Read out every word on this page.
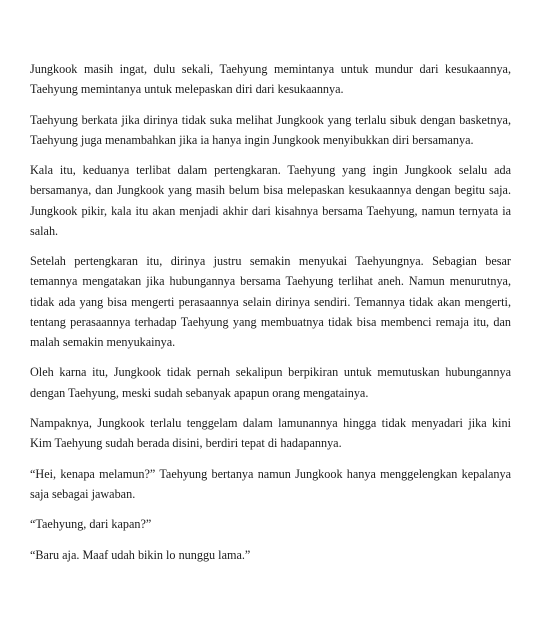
Jungkook masih ingat, dulu sekali, Taehyung memintanya untuk mundur dari kesukaannya, Taehyung memintanya untuk melepaskan diri dari kesukaannya.

Taehyung berkata jika dirinya tidak suka melihat Jungkook yang terlalu sibuk dengan basketnya, Taehyung juga menambahkan jika ia hanya ingin Jungkook menyibukkan diri bersamanya.

Kala itu, keduanya terlibat dalam pertengkaran. Taehyung yang ingin Jungkook selalu ada bersamanya, dan Jungkook yang masih belum bisa melepaskan kesukaannya dengan begitu saja. Jungkook pikir, kala itu akan menjadi akhir dari kisahnya bersama Taehyung, namun ternyata ia salah.

Setelah pertengkaran itu, dirinya justru semakin menyukai Taehyungnya. Sebagian besar temannya mengatakan jika hubungannya bersama Taehyung terlihat aneh. Namun menurutnya, tidak ada yang bisa mengerti perasaannya selain dirinya sendiri. Temannya tidak akan mengerti, tentang perasaannya terhadap Taehyung yang membuatnya tidak bisa membenci remaja itu, dan malah semakin menyukainya.

Oleh karna itu, Jungkook tidak pernah sekalipun berpikiran untuk memutuskan hubungannya dengan Taehyung, meski sudah sebanyak apapun orang mengatainya.

Nampaknya, Jungkook terlalu tenggelam dalam lamunannya hingga tidak menyadari jika kini Kim Taehyung sudah berada disini, berdiri tepat di hadapannya.

“Hei, kenapa melamun?” Taehyung bertanya namun Jungkook hanya menggelengkan kepalanya saja sebagai jawaban.

“Taehyung, dari kapan?”

“Baru aja. Maaf udah bikin lo nunggu lama.”
